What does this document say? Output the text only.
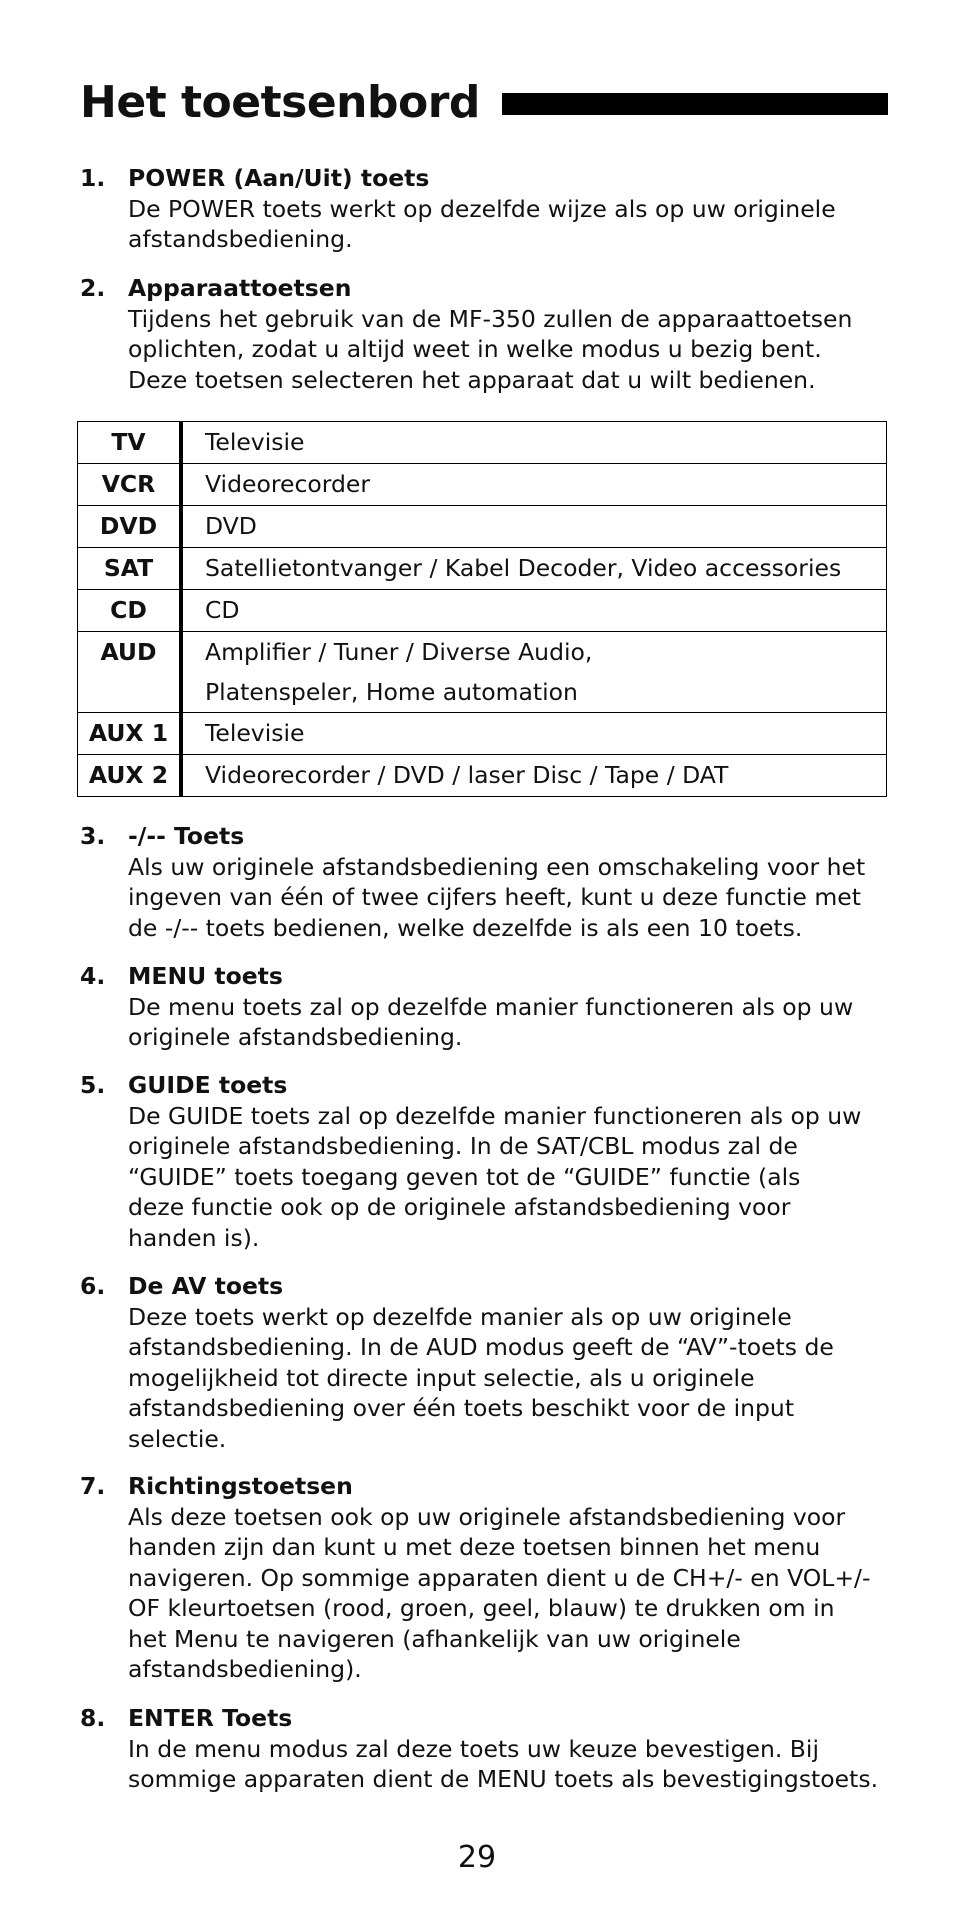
Het toetsenbord
1. POWER (Aan/Uit) toets
De POWER toets werkt op dezelfde wijze als op uw originele
afstandsbediening.
2. Apparaattoetsen
Tijdens het gebruik van de MF-350 zullen de apparaattoetsen
oplichten, zodat u altijd weet in welke modus u bezig bent.
Deze toetsen selecteren het apparaat dat u wilt bedienen.
TV	Televisie

VCR	Videorecorder

DVD	DVD

SAT	Satellietontvanger / Kabel Decoder, Video accessories

CD	CD

AUD	Amplifier / Tuner / Diverse Audio,
Platenspeler, Home automation

AUX 1	Televisie

AUX 2	Videorecorder / DVD / laser Disc / Tape / DAT
3. -/-- Toets
Als uw originele afstandsbediening een omschakeling voor het
ingeven van één of twee cijfers heeft, kunt u deze functie met
de -/-- toets bedienen, welke dezelfde is als een 10 toets.
4. MENU toets
De menu toets zal op dezelfde manier functioneren als op uw
originele afstandsbediening.
5. GUIDE toets
De GUIDE toets zal op dezelfde manier functioneren als op uw
originele afstandsbediening. In de SAT/CBL modus zal de
“GUIDE” toets toegang geven tot de “GUIDE” functie (als
deze functie ook op de originele afstandsbediening voor
handen is).
6. De AV toets
Deze toets werkt op dezelfde manier als op uw originele
afstandsbediening. In de AUD modus geeft de “AV”-toets de
mogelijkheid tot directe input selectie, als u originele
afstandsbediening over één toets beschikt voor de input
selectie.
7. Richtingstoetsen
Als deze toetsen ook op uw originele afstandsbediening voor
handen zijn dan kunt u met deze toetsen binnen het menu
navigeren. Op sommige apparaten dient u de CH+/- en VOL+/-
OF kleurtoetsen (rood, groen, geel, blauw) te drukken om in
het Menu te navigeren (afhankelijk van uw originele
afstandsbediening).
8. ENTER Toets
In de menu modus zal deze toets uw keuze bevestigen. Bij
sommige apparaten dient de MENU toets als bevestigingstoets.
29
